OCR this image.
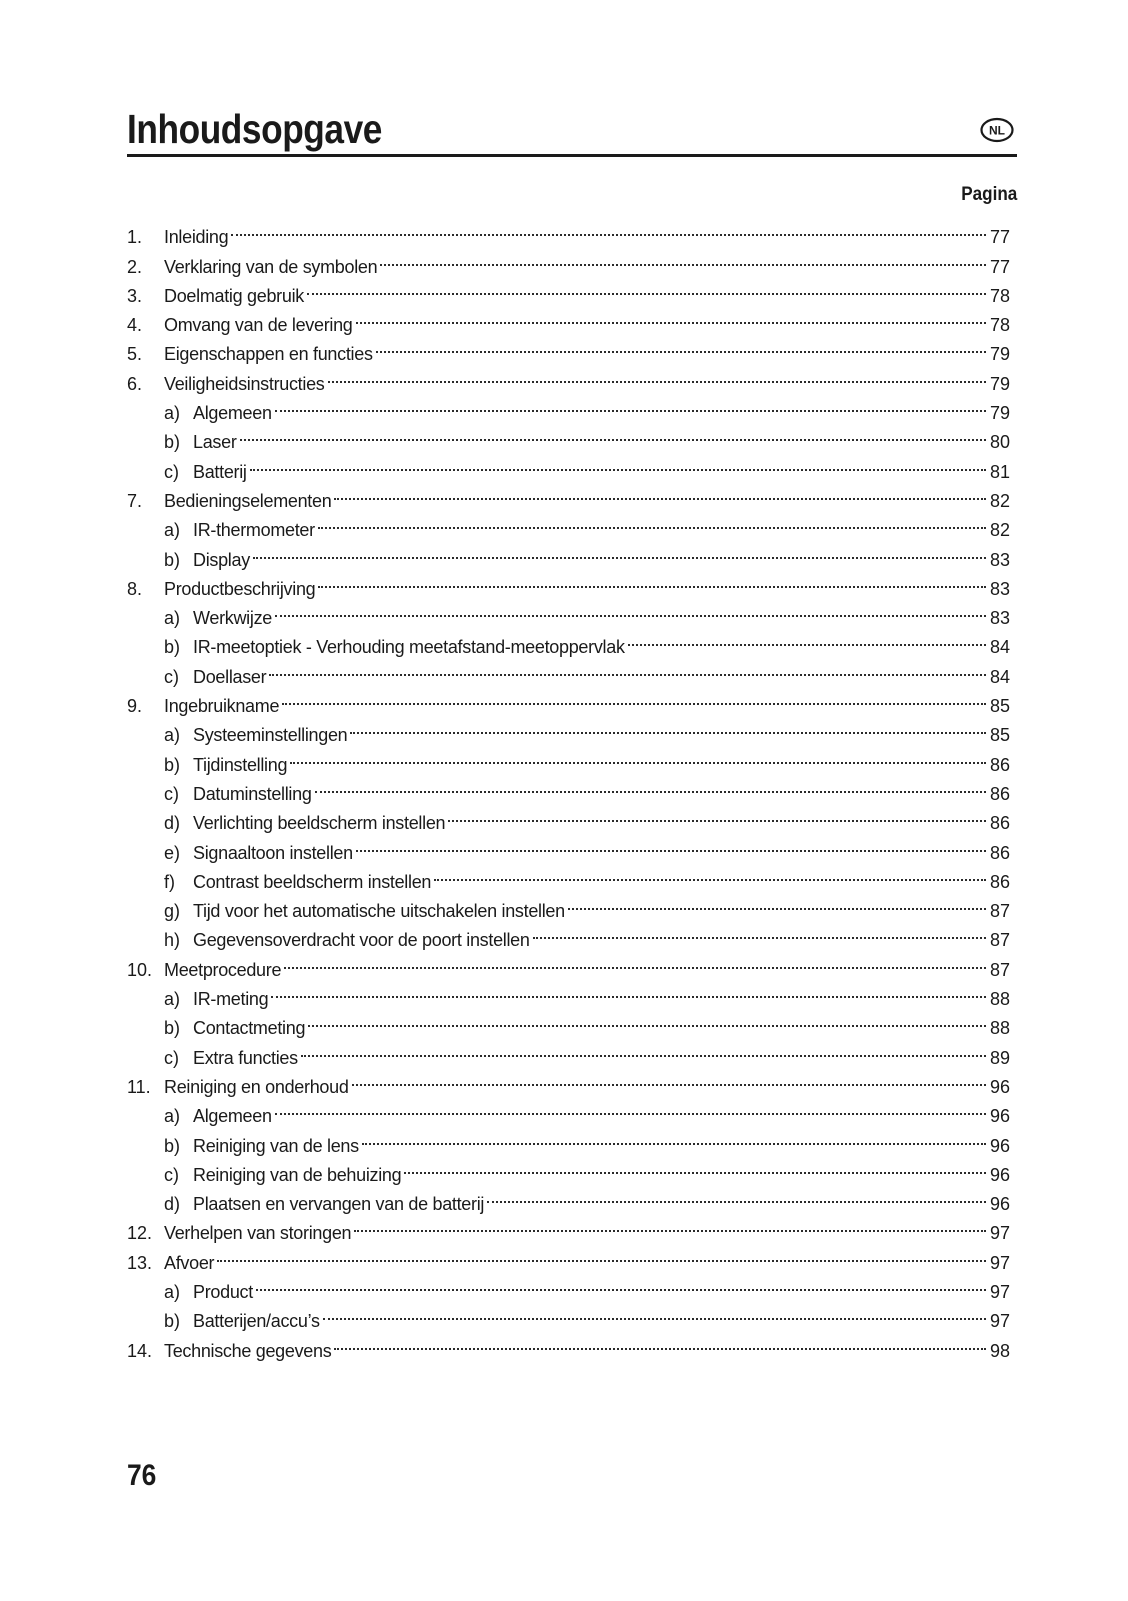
Inhoudsopgave	NL
Pagina
1.	Inleiding	77
2.	Verklaring van de symbolen	77
3.	Doelmatig gebruik	78
4.	Omvang van de levering	78
5.	Eigenschappen en functies	79
6.	Veiligheidsinstructies	79
a) Algemeen	79
b) Laser	80
c) Batterij	81
7.	Bedieningselementen	82
a) IR-thermometer	82
b) Display	83
8.	Productbeschrijving	83
a) Werkwijze	83
b) IR-meetoptiek - Verhouding meetafstand-meetoppervlak	84
c) Doellaser	84
9.	Ingebruikname	85
a) Systeeminstellingen	85
b) Tijdinstelling	86
c) Datuminstelling	86
d) Verlichting beeldscherm instellen	86
e) Signaaltoon instellen	86
f)	Contrast beeldscherm instellen	86
g) Tijd voor het automatische uitschakelen instellen	87
h) Gegevensoverdracht voor de poort instellen	87
10. Meetprocedure	87
a) IR-meting	88
b) Contactmeting	88
c) Extra functies	89
11. Reiniging en onderhoud	96
a) Algemeen	96
b) Reiniging van de lens	96
c) Reiniging van de behuizing	96
d) Plaatsen en vervangen van de batterij	96
12. Verhelpen van storingen	97
13. Afvoer	97
a) Product	97
b) Batterijen/accu’s	97
14. Technische gegevens	98
76
